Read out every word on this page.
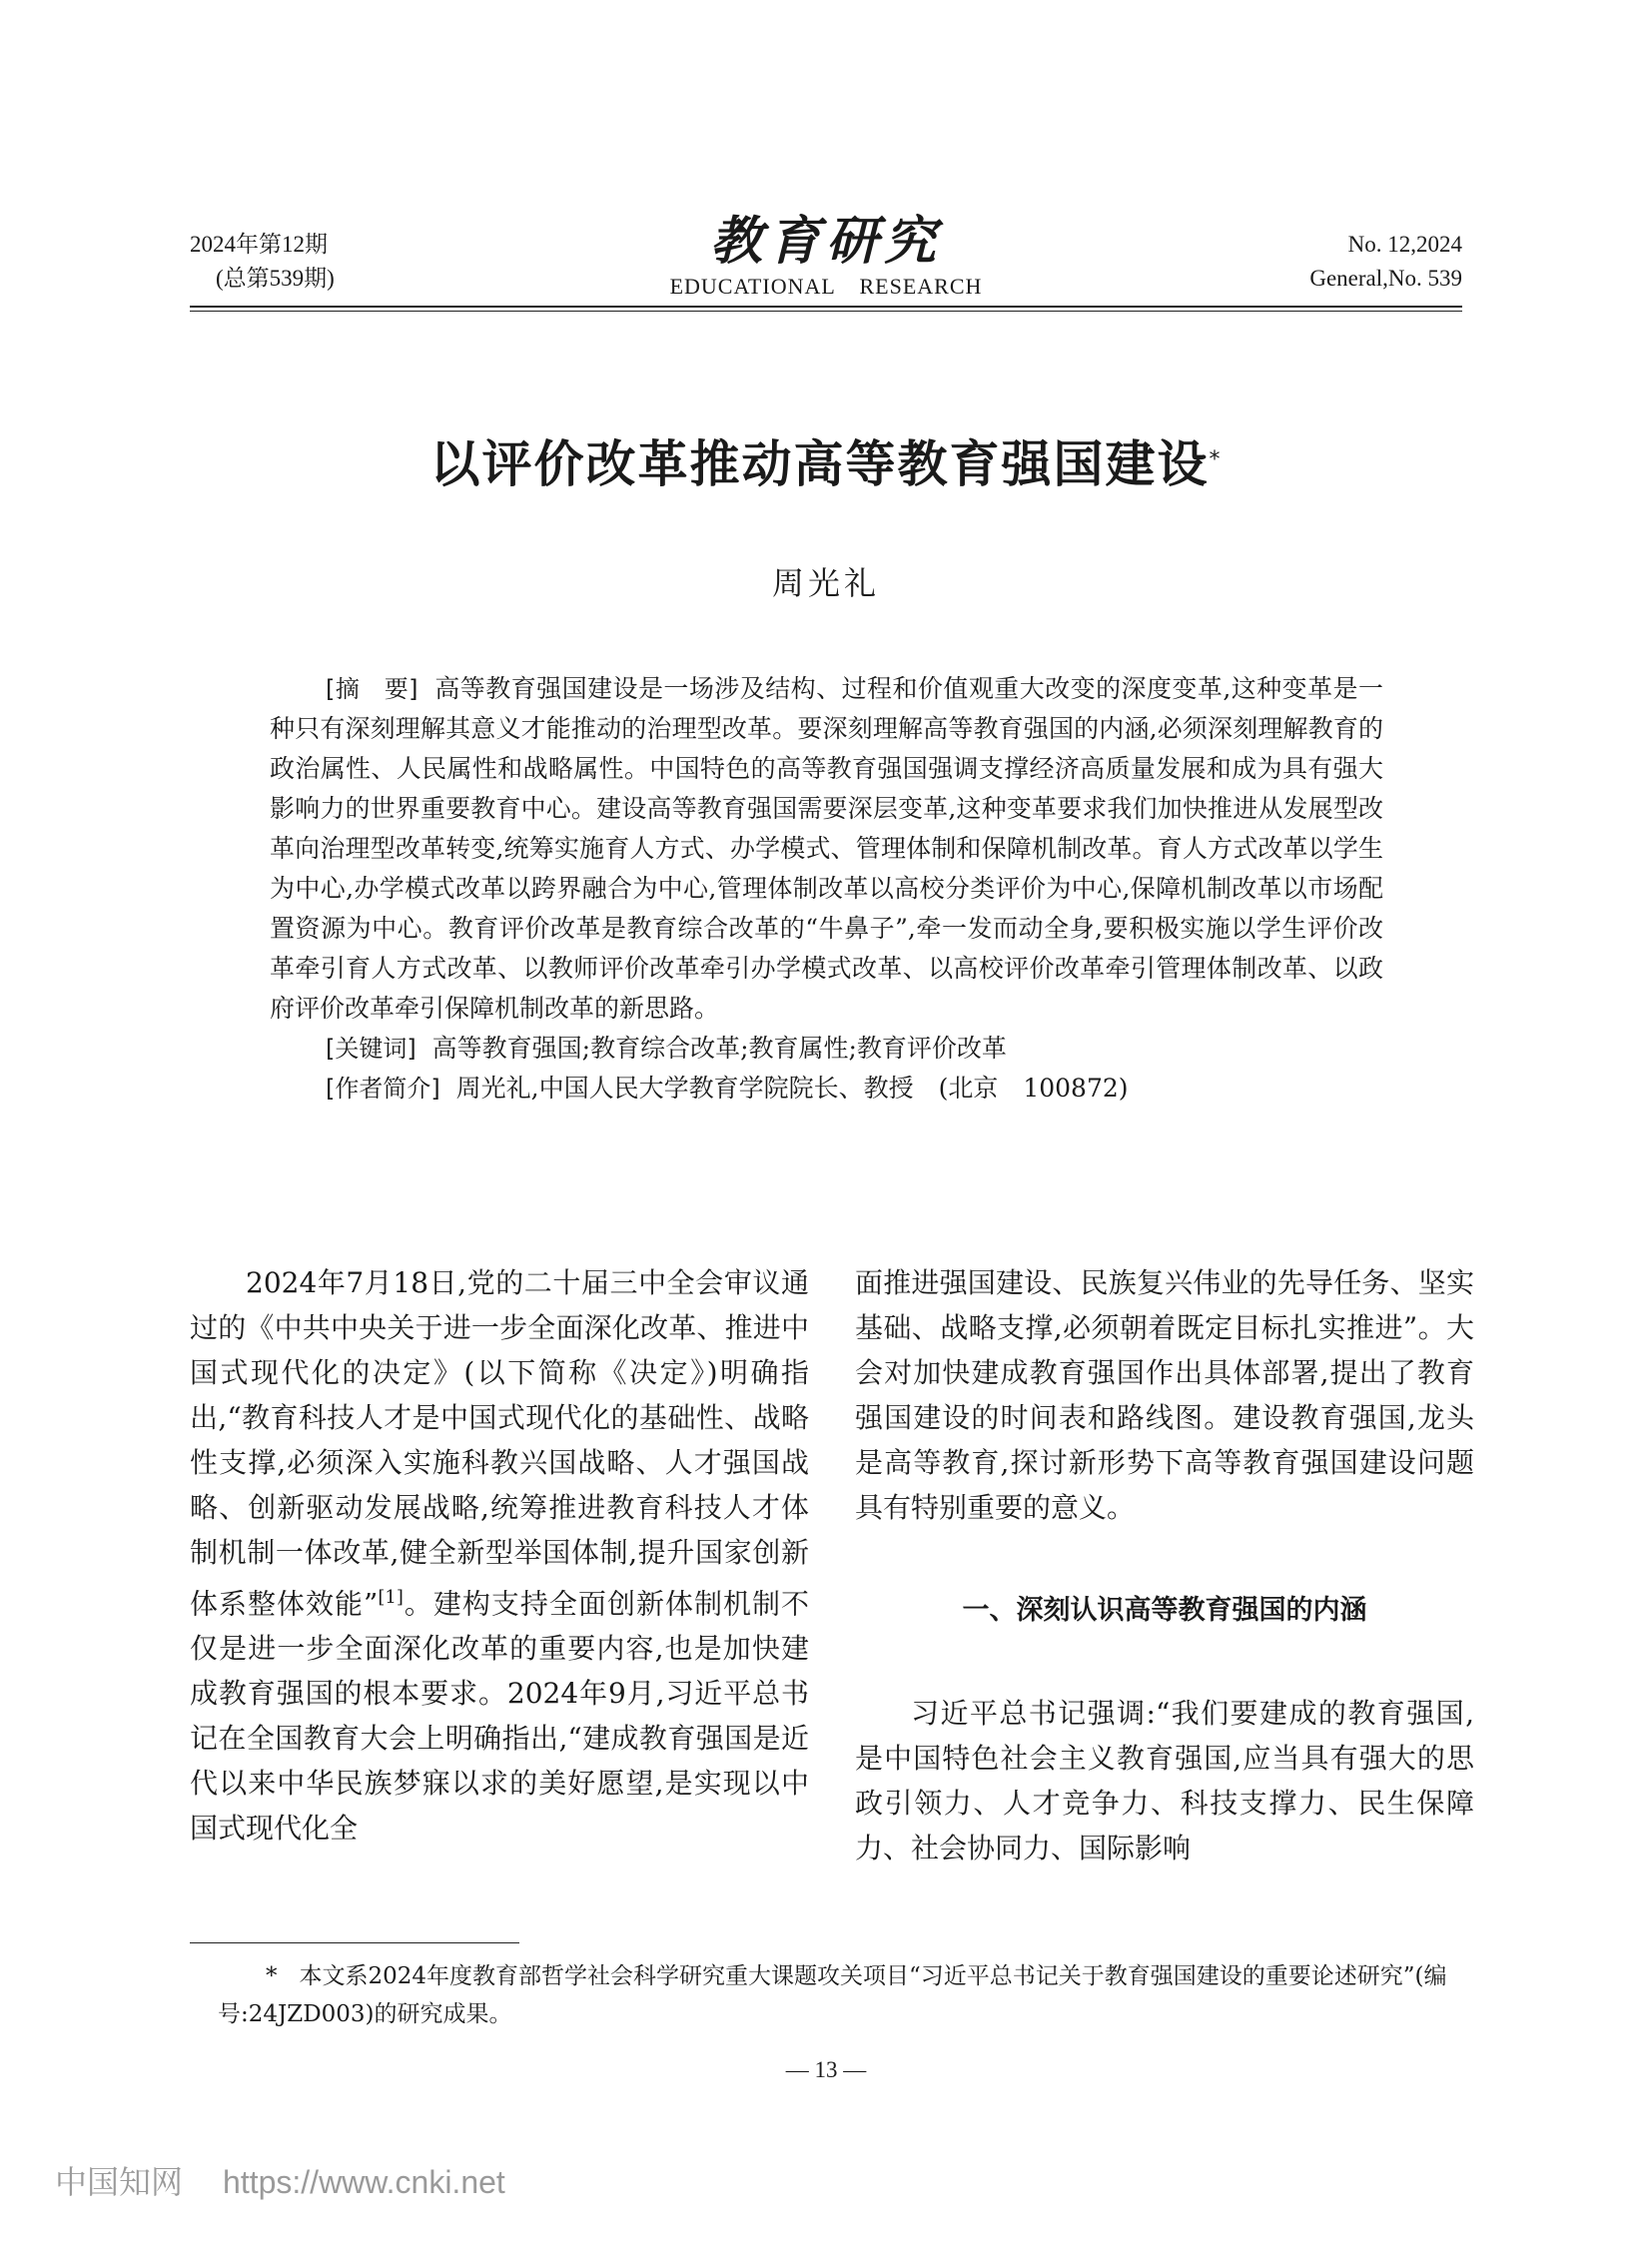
2024年第12期
(总第539期)
教育研究
EDUCATIONAL RESEARCH
No. 12,2024
General,No. 539
以评价改革推动高等教育强国建设*
周光礼

[摘　要] 高等教育强国建设是一场涉及结构、过程和价值观重大改变的深度变革,这种变革是一种只有深刻理解其意义才能推动的治理型改革。要深刻理解高等教育强国的内涵,必须深刻理解教育的政治属性、人民属性和战略属性。中国特色的高等教育强国强调支撑经济高质量发展和成为具有强大影响力的世界重要教育中心。建设高等教育强国需要深层变革,这种变革要求我们加快推进从发展型改革向治理型改革转变,统筹实施育人方式、办学模式、管理体制和保障机制改革。育人方式改革以学生为中心,办学模式改革以跨界融合为中心,管理体制改革以高校分类评价为中心,保障机制改革以市场配置资源为中心。教育评价改革是教育综合改革的“牛鼻子”,牵一发而动全身,要积极实施以学生评价改革牵引育人方式改革、以教师评价改革牵引办学模式改革、以高校评价改革牵引管理体制改革、以政府评价改革牵引保障机制改革的新思路。

[关键词] 高等教育强国;教育综合改革;教育属性;教育评价改革

[作者简介] 周光礼,中国人民大学教育学院院长、教授　(北京　100872)

2024年7月18日,党的二十届三中全会审议通过的《中共中央关于进一步全面深化改革、推进中国式现代化的决定》(以下简称《决定》)明确指出,“教育科技人才是中国式现代化的基础性、战略性支撑,必须深入实施科教兴国战略、人才强国战略、创新驱动发展战略,统筹推进教育科技人才体制机制一体改革,健全新型举国体制,提升国家创新体系整体效能”[1]。建构支持全面创新体制机制不仅是进一步全面深化改革的重要内容,也是加快建成教育强国的根本要求。2024年9月,习近平总书记在全国教育大会上明确指出,“建成教育强国是近代以来中华民族梦寐以求的美好愿望,是实现以中国式现代化全

面推进强国建设、民族复兴伟业的先导任务、坚实基础、战略支撑,必须朝着既定目标扎实推进”。大会对加快建成教育强国作出具体部署,提出了教育强国建设的时间表和路线图。建设教育强国,龙头是高等教育,探讨新形势下高等教育强国建设问题具有特别重要的意义。

一、深刻认识高等教育强国的内涵

习近平总书记强调:“我们要建成的教育强国,是中国特色社会主义教育强国,应当具有强大的思政引领力、人才竞争力、科技支撑力、民生保障力、社会协同力、国际影响

* 本文系2024年度教育部哲学社会科学研究重大课题攻关项目“习近平总书记关于教育强国建设的重要论述研究”(编号:24JZD003)的研究成果。

— 13 —
中国知网 https://www.cnki.net
